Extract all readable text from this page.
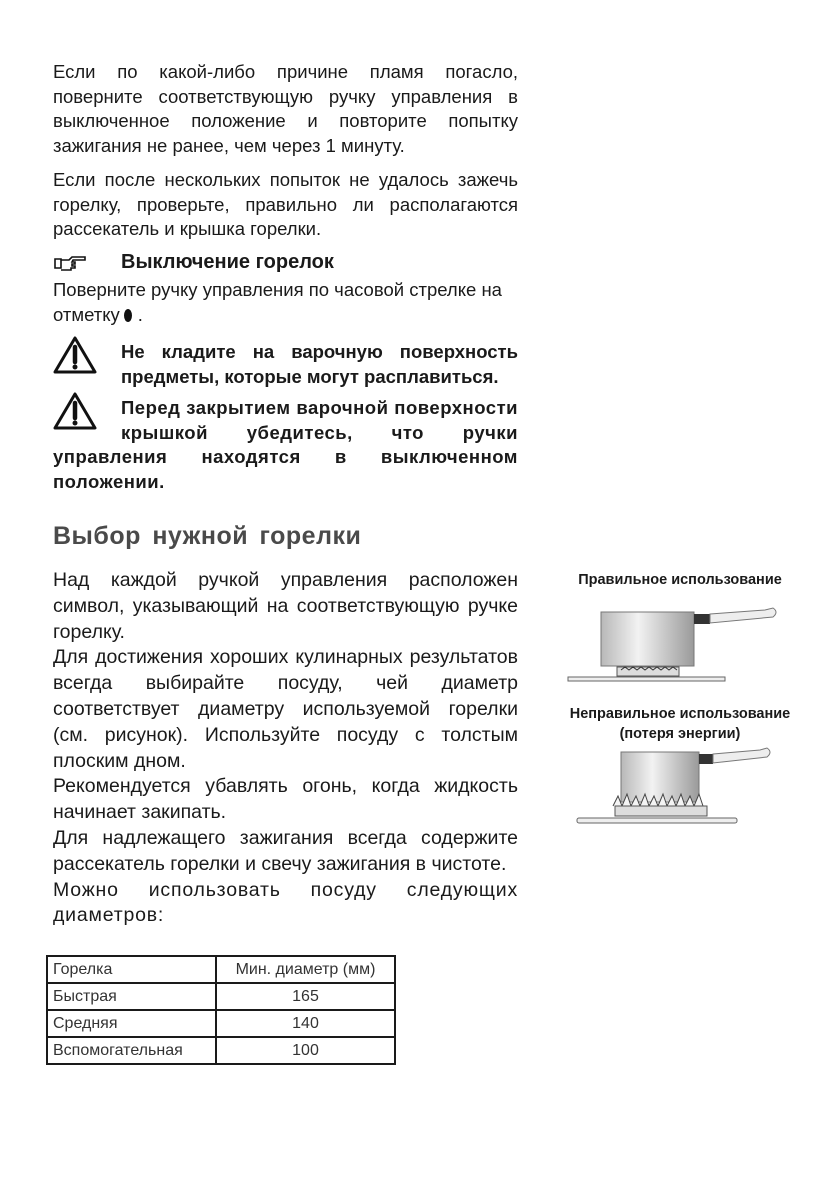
Если по какой-либо причине пламя погасло, поверните соответствующую ручку управления в выключенное положение и повторите попытку зажигания не ранее, чем через 1 минуту.

Если после нескольких попыток не удалось зажечь горелку, проверьте, правильно ли располагаются рассекатель и крышка горелки.

Выключение горелок

Поверните ручку управления по часовой стрелке на отметку .

Не кладите на варочную поверхность предметы, которые могут расплавиться.
Перед закрытием варочной поверхности крышкой убедитесь, что ручки управления находятся в выключенном положении.
Выбор нужной горелки

Над каждой ручкой управления расположен символ, указывающий на соответствующую ручке горелку.

Для достижения хороших кулинарных результатов всегда выбирайте посуду, чей диаметр соответствует диаметру используемой горелки (см. рисунок). Используйте посуду с толстым плоским дном.

Рекомендуется убавлять огонь, когда жидкость начинает закипать.

Для надлежащего зажигания всегда содержите рассекатель горелки и свечу зажигания в чистоте.

Можно использовать посуду следующих диаметров:

Горелка	Мин. диаметр (мм)
Быстрая	165
Средняя	140
Вспомогательная	100
Правильное использование
Неправильное использование
(потеря энергии)
